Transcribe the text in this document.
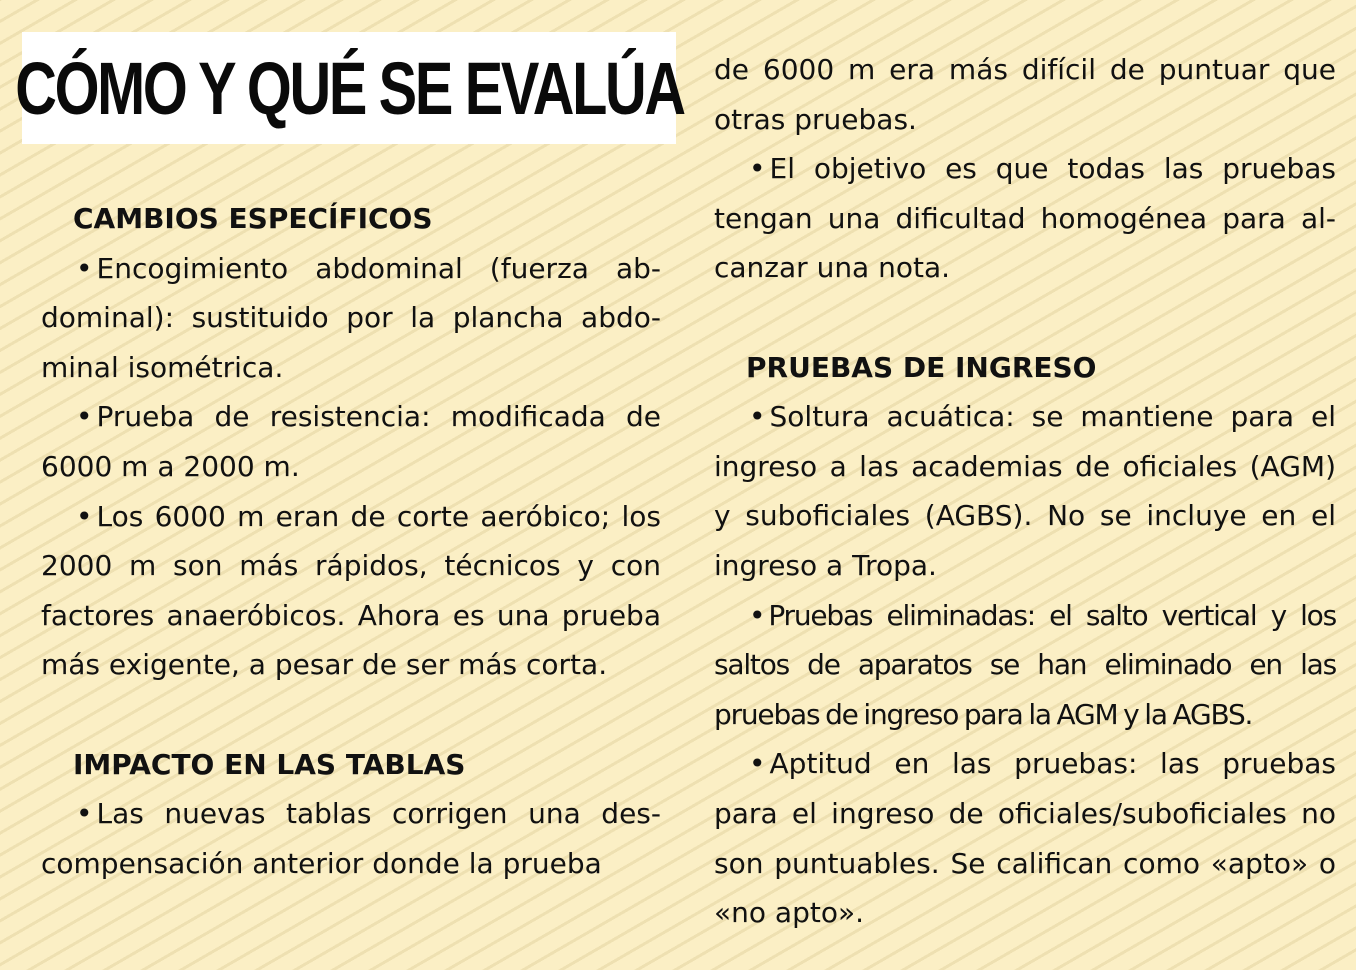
CÓMO Y QUÉ SE EVALÚA

CAMBIOS ESPECÍFICOS

• Encogimiento abdominal (fuerza abdominal): sustituido por la plancha abdominal isométrica.

• Prueba de resistencia: modificada de 6000 m a 2000 m.

• Los 6000 m eran de corte aeróbico; los 2000 m son más rápidos, técnicos y con factores anaeróbicos. Ahora es una prueba más exigente, a pesar de ser más corta.

IMPACTO EN LAS TABLAS

• Las nuevas tablas corrigen una descompensación anterior donde la prueba

de 6000 m era más difícil de puntuar que otras pruebas.

• El objetivo es que todas las pruebas tengan una dificultad homogénea para alcanzar una nota.

PRUEBAS DE INGRESO

• Soltura acuática: se mantiene para el ingreso a las academias de oficiales (AGM) y suboficiales (AGBS). No se incluye en el ingreso a Tropa.

• Pruebas eliminadas: el salto vertical y los saltos de aparatos se han eliminado en las pruebas de ingreso para la AGM y la AGBS.

• Aptitud en las pruebas: las pruebas para el ingreso de oficiales/suboficiales no son puntuables. Se califican como «apto» o «no apto».
